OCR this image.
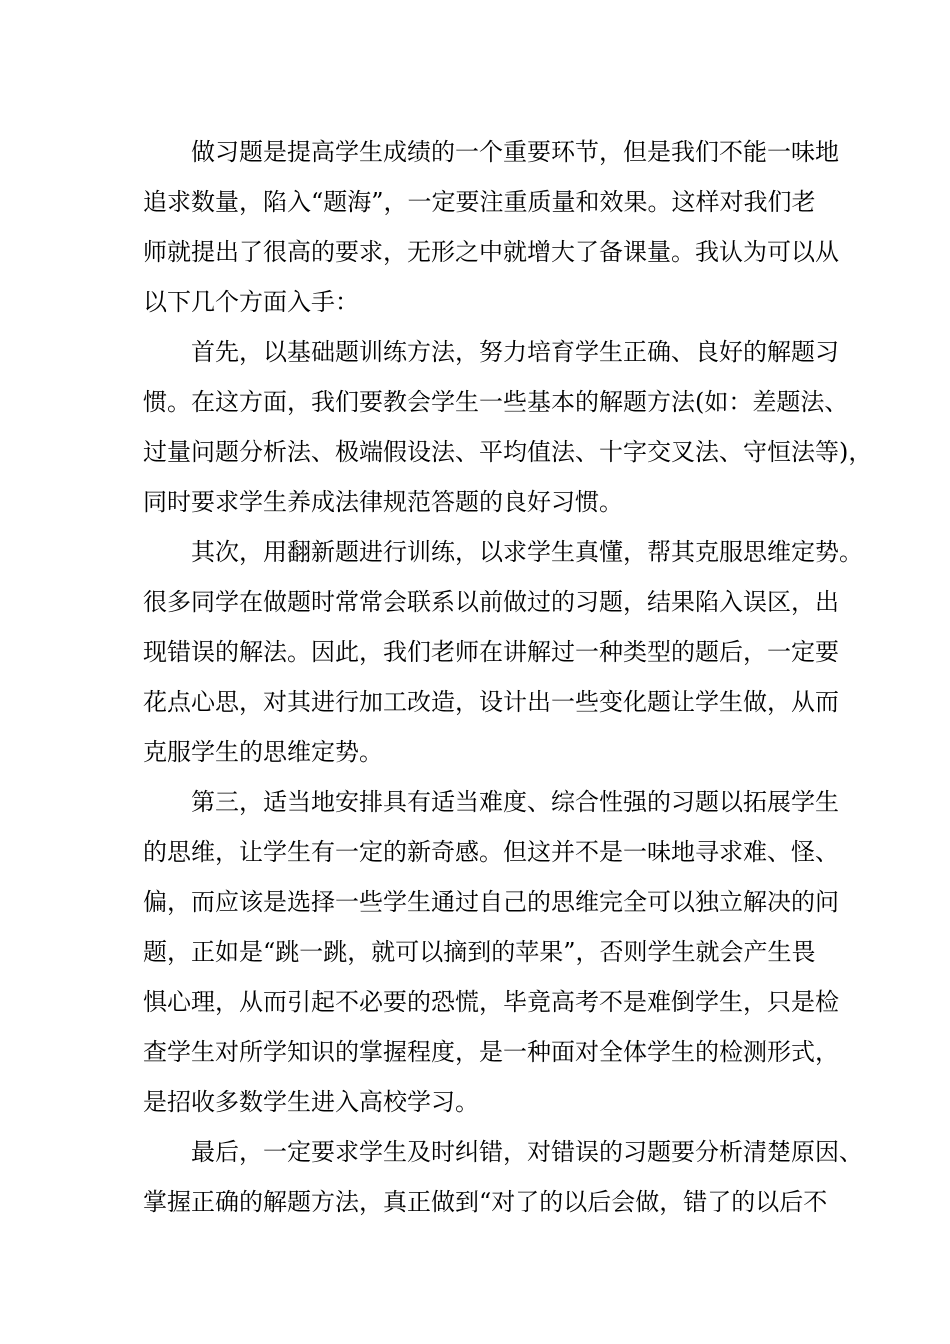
做习题是提高学生成绩的一个重要环节，但是我们不能一味地
追求数量，陷入“题海”，一定要注重质量和效果。这样对我们老
师就提出了很高的要求，无形之中就增大了备课量。我认为可以从
以下几个方面入手：
首先，以基础题训练方法，努力培育学生正确、良好的解题习
惯。在这方面，我们要教会学生一些基本的解题方法(如：差题法、
过量问题分析法、极端假设法、平均值法、十字交叉法、守恒法等)，
同时要求学生养成法律规范答题的良好习惯。
其次，用翻新题进行训练，以求学生真懂，帮其克服思维定势。
很多同学在做题时常常会联系以前做过的习题，结果陷入误区，出
现错误的解法。因此，我们老师在讲解过一种类型的题后，一定要
花点心思，对其进行加工改造，设计出一些变化题让学生做，从而
克服学生的思维定势。
第三，适当地安排具有适当难度、综合性强的习题以拓展学生
的思维，让学生有一定的新奇感。但这并不是一味地寻求难、怪、
偏，而应该是选择一些学生通过自己的思维完全可以独立解决的问
题，正如是“跳一跳，就可以摘到的苹果”，否则学生就会产生畏
惧心理，从而引起不必要的恐慌，毕竟高考不是难倒学生，只是检
查学生对所学知识的掌握程度，是一种面对全体学生的检测形式，
是招收多数学生进入高校学习。
最后，一定要求学生及时纠错，对错误的习题要分析清楚原因、
掌握正确的解题方法，真正做到“对了的以后会做，错了的以后不
